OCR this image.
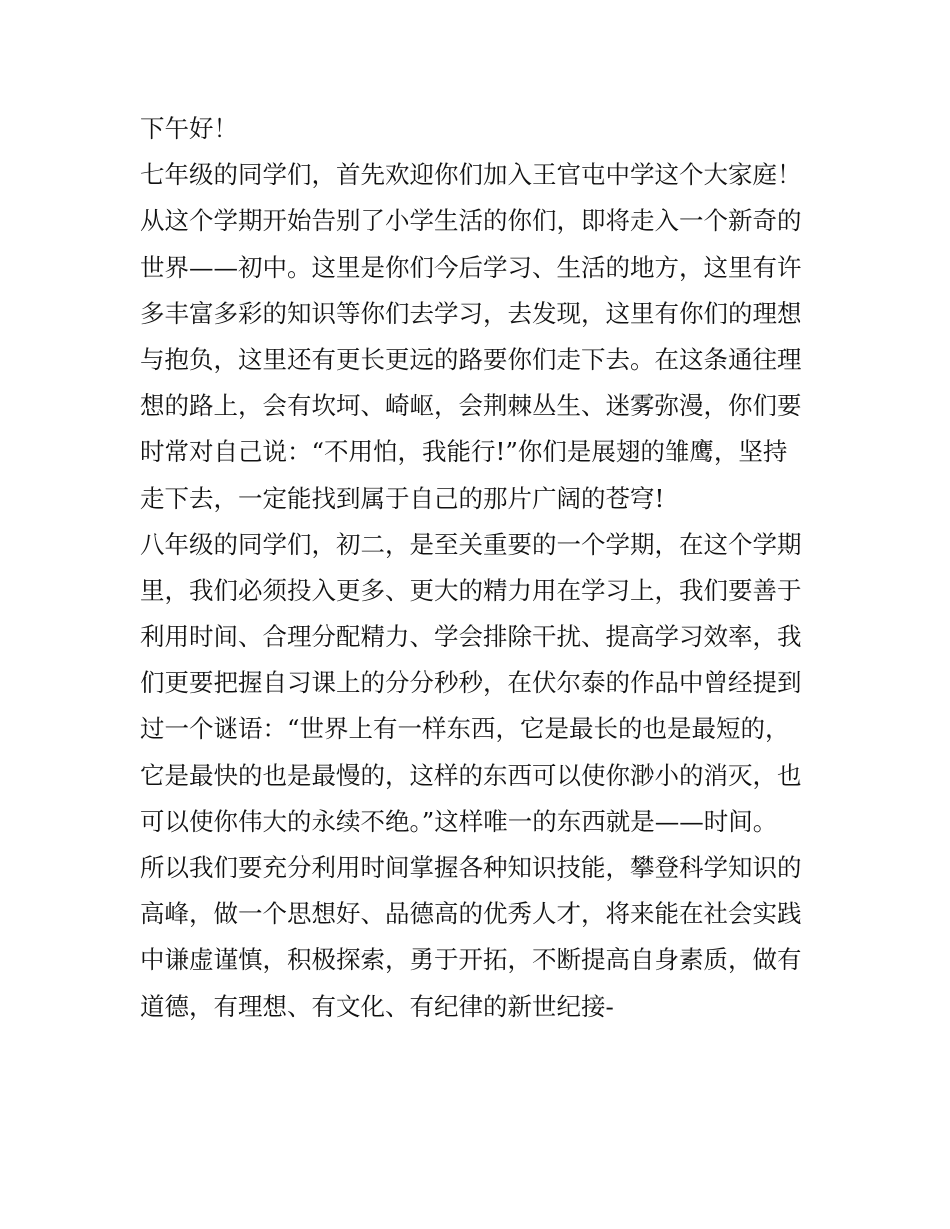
下午好！
七年级的同学们，首先欢迎你们加入王官屯中学这个大家庭！
从这个学期开始告别了小学生活的你们，即将走入一个新奇的
世界——初中。这里是你们今后学习、生活的地方，这里有许
多丰富多彩的知识等你们去学习，去发现，这里有你们的理想
与抱负，这里还有更长更远的路要你们走下去。在这条通往理
想的路上，会有坎坷、崎岖，会荆棘丛生、迷雾弥漫，你们要
时常对自己说：“不用怕，我能行!”你们是展翅的雏鹰，坚持
走下去，一定能找到属于自己的那片广阔的苍穹!
八年级的同学们，初二，是至关重要的一个学期，在这个学期
里，我们必须投入更多、更大的精力用在学习上，我们要善于
利用时间、合理分配精力、学会排除干扰、提高学习效率，我
们更要把握自习课上的分分秒秒，在伏尔泰的作品中曾经提到
过一个谜语：“世界上有一样东西，它是最长的也是最短的，
它是最快的也是最慢的，这样的东西可以使你渺小的消灭，也
可以使你伟大的永续不绝。”这样唯一的东西就是——时间。
所以我们要充分利用时间掌握各种知识技能，攀登科学知识的
高峰，做一个思想好、品德高的优秀人才，将来能在社会实践
中谦虚谨慎，积极探索，勇于开拓，不断提高自身素质，做有
道德，有理想、有文化、有纪律的新世纪接-
